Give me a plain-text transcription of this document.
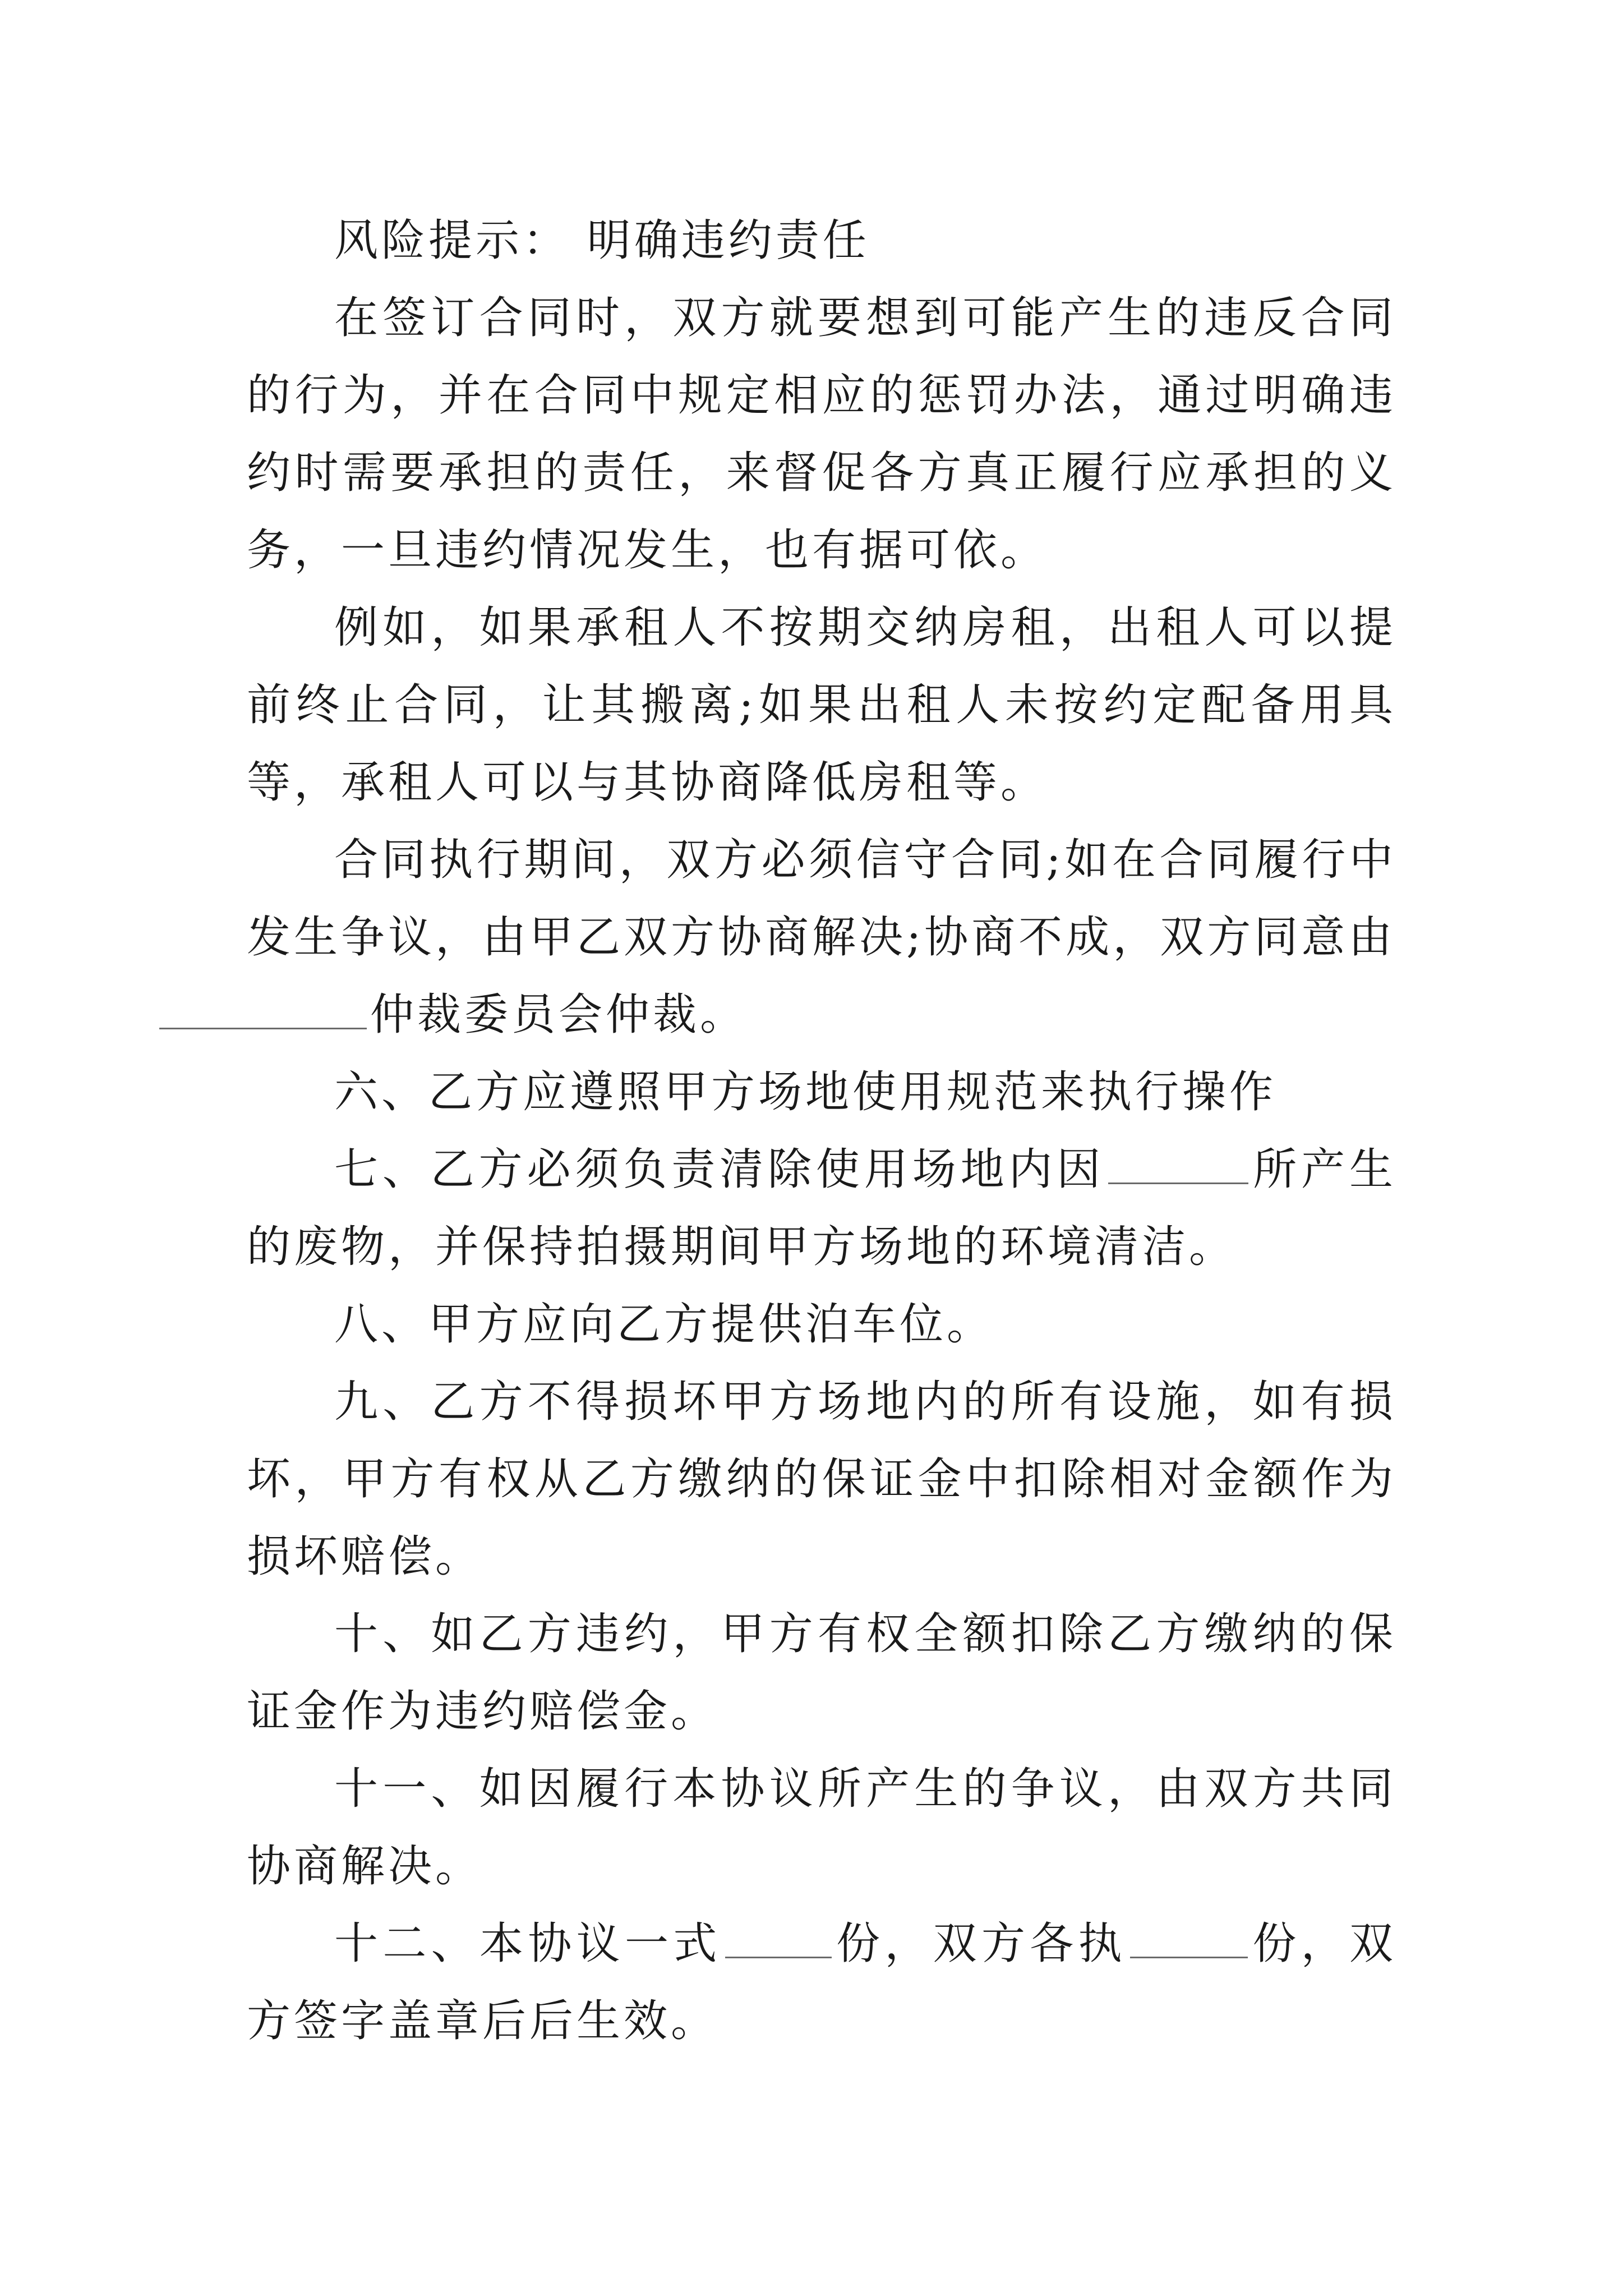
风险提示： 明确违约责任

在签订合同时，双方就要想到可能产生的违反合同的行为，并在合同中规定相应的惩罚办法，通过明确违约时需要承担的责任，来督促各方真正履行应承担的义务，一旦违约情况发生，也有据可依。

例如，如果承租人不按期交纳房租，出租人可以提前终止合同，让其搬离;如果出租人未按约定配备用具等，承租人可以与其协商降低房租等。

合同执行期间，双方必须信守合同;如在合同履行中发生争议，由甲乙双方协商解决;协商不成，双方同意由
仲裁委员会仲裁。

六、乙方应遵照甲方场地使用规范来执行操作

七、乙方必须负责清除使用场地内因	所产生的废物，并保持拍摄期间甲方场地的环境清洁。

八、甲方应向乙方提供泊车位。

九、乙方不得损坏甲方场地内的所有设施，如有损坏，甲方有权从乙方缴纳的保证金中扣除相对金额作为损坏赔偿。

十、如乙方违约，甲方有权全额扣除乙方缴纳的保证金作为违约赔偿金。

十一、如因履行本协议所产生的争议，由双方共同协商解决。

十二、本协议一式	份，双方各执	份，双方签字盖章后后生效。
